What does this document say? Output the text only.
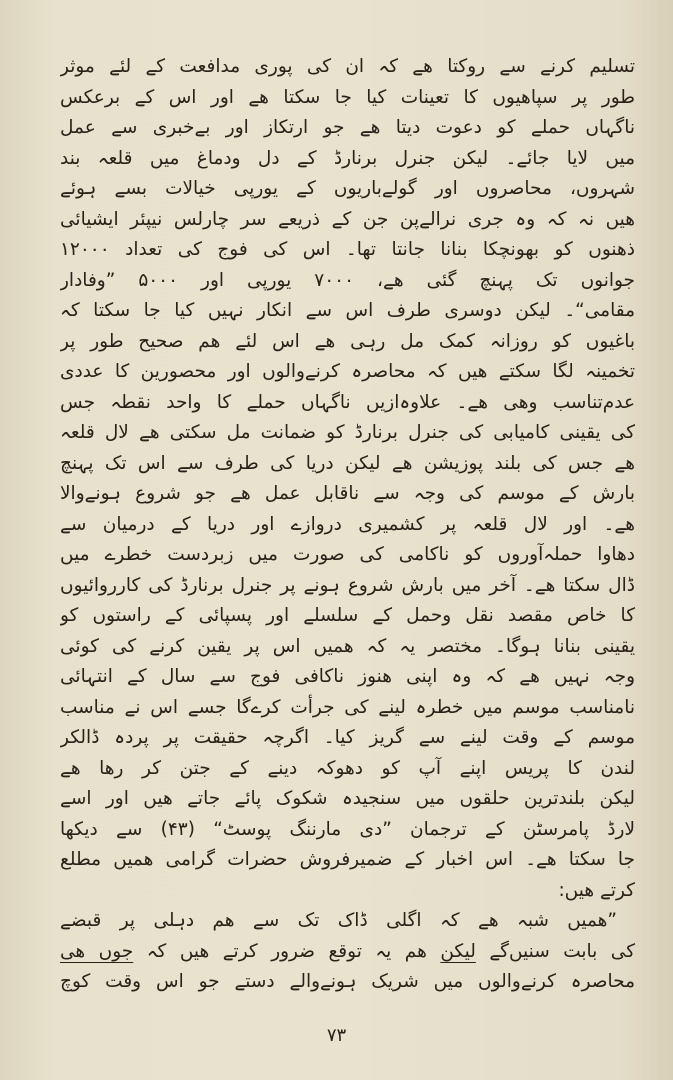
تسلیم کرنے سے روکتا ھے کہ ان کی پوری مدافعت کے لئے موثر
طور پر سپاھیوں کا تعینات کیا جا سکتا ھے اور اس کے برعکس
ناگہاں حملے کو دعوت دیتا ھے جو ارتکاز اور بےخبری سے عمل
میں لایا جائے۔ لیکن جنرل برنارڈ کے دل ودماغ میں قلعہ بند
شہروں، محاصروں اور گولےباریوں کے یورپی خیالات بسے ہوئے
ھیں نہ کہ وہ جری نرالےپن جن کے ذریعے سر چارلس نیپئر ایشیائی
ذھنوں کو بھونچکا بنانا جانتا تھا۔ اس کی فوج کی تعداد ۱۲۰۰۰
جوانوں تک پہنچ گئی ھے، ۷۰۰۰ یورپی اور ۵۰۰۰ ”وفادار
مقامی“۔ لیکن دوسری طرف اس سے انکار نہیں کیا جا سکتا کہ
باغیوں کو روزانہ کمک مل رہی ھے اس لئے ھم صحیح طور پر
تخمینہ لگا سکتے ھیں کہ محاصرہ کرنےوالوں اور محصورین کا عددی
عدم‌تناسب وھی ھے۔ علاوہ‌ازیں ناگہاں حملے کا واحد نقطہ جس
کی یقینی کامیابی کی جنرل برنارڈ کو ضمانت مل سکتی ھے لال قلعہ
ھے جس کی بلند پوزیشن ھے لیکن دریا کی طرف سے اس تک پہنچ
بارش کے موسم کی وجہ سے ناقابل عمل ھے جو شروع ہونےوالا
ھے۔ اور لال قلعہ پر کشمیری دروازے اور دریا کے درمیان سے
دھاوا حملہ‌آوروں کو ناکامی کی صورت میں زبردست خطرے میں
ڈال سکتا ھے۔ آخر میں بارش شروع ہونے پر جنرل برنارڈ کی کارروائیوں
کا خاص مقصد نقل وحمل کے سلسلے اور پسپائی کے راستوں کو
یقینی بنانا ہوگا۔ مختصر یہ کہ ھمیں اس پر یقین کرنے کی کوئی
وجہ نہیں ھے کہ وہ اپنی ھنوز ناکافی فوج سے سال کے انتہائی
نامناسب موسم میں خطرہ لینے کی جرأت کرےگا جسے اس نے مناسب
موسم کے وقت لینے سے گریز کیا۔ اگرچہ حقیقت پر پردہ ڈالکر
لندن کا پریس اپنے آپ کو دھوکہ دینے کے جتن کر رھا ھے
لیکن بلندترین حلقوں میں سنجیدہ شکوک پائے جاتے ھیں اور اسے
لارڈ پامرسٹن کے ترجمان ”دی مارننگ پوسٹ“ (۴۳) سے دیکھا
جا سکتا ھے۔ اس اخبار کے ضمیرفروش حضرات گرامی ھمیں مطلع
کرتے ھیں:
”ھمیں شبہ ھے کہ اگلی ڈاک تک سے ھم دہلی پر قبضے
کی بابت سنیں‌گے لیکن ھم یہ توقع ضرور کرتے ھیں کہ جوں ھی
محاصرہ کرنےوالوں میں شریک ہونےوالے دستے جو اس وقت کوچ
۷۳
